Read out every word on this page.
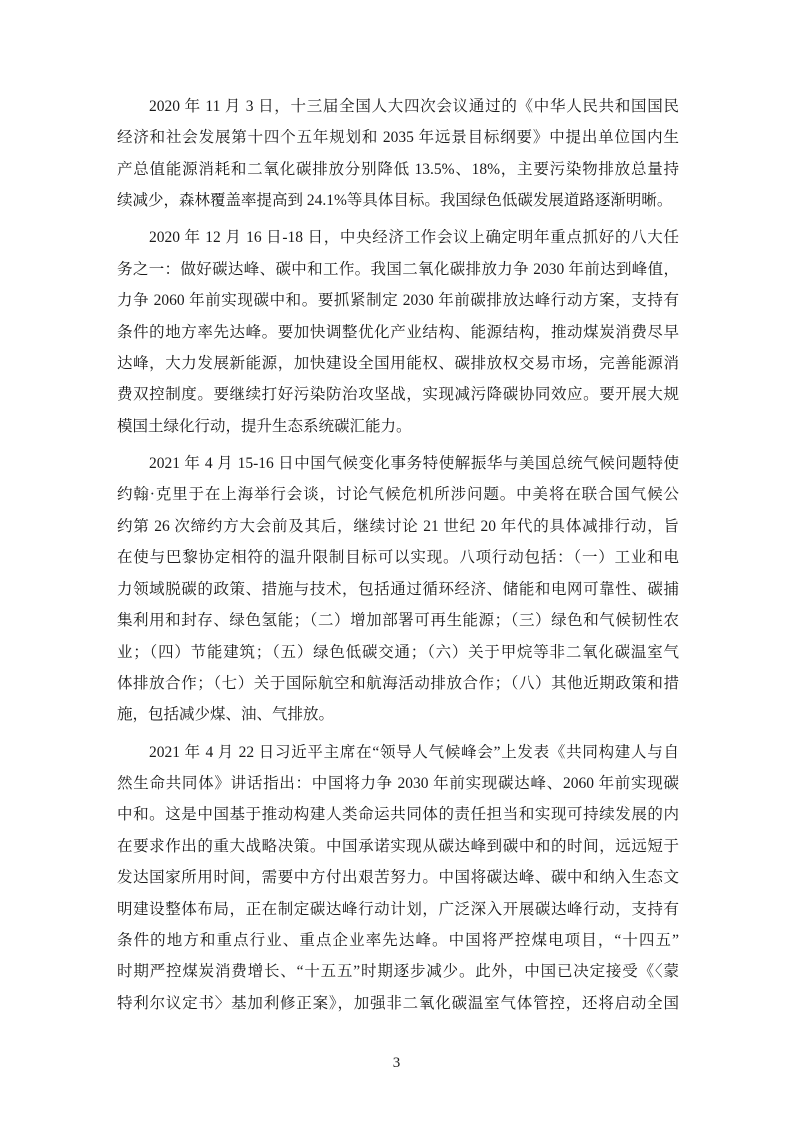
2020 年 11 月 3 日，十三届全国人大四次会议通过的《中华人民共和国国民
经济和社会发展第十四个五年规划和 2035 年远景目标纲要》中提出单位国内生
产总值能源消耗和二氧化碳排放分别降低 13.5%、18%，主要污染物排放总量持
续减少，森林覆盖率提高到 24.1%等具体目标。我国绿色低碳发展道路逐渐明晰。
2020 年 12 月 16 日-18 日，中央经济工作会议上确定明年重点抓好的八大任
务之一：做好碳达峰、碳中和工作。我国二氧化碳排放力争 2030 年前达到峰值，
力争 2060 年前实现碳中和。要抓紧制定 2030 年前碳排放达峰行动方案，支持有
条件的地方率先达峰。要加快调整优化产业结构、能源结构，推动煤炭消费尽早
达峰，大力发展新能源，加快建设全国用能权、碳排放权交易市场，完善能源消
费双控制度。要继续打好污染防治攻坚战，实现减污降碳协同效应。要开展大规
模国土绿化行动，提升生态系统碳汇能力。
2021 年 4 月 15-16 日中国气候变化事务特使解振华与美国总统气候问题特使
约翰·克里于在上海举行会谈，讨论气候危机所涉问题。中美将在联合国气候公
约第 26 次缔约方大会前及其后，继续讨论 21 世纪 20 年代的具体减排行动，旨
在使与巴黎协定相符的温升限制目标可以实现。八项行动包括：（一）工业和电
力领域脱碳的政策、措施与技术，包括通过循环经济、储能和电网可靠性、碳捕
集利用和封存、绿色氢能；（二）增加部署可再生能源；（三）绿色和气候韧性农
业；（四）节能建筑；（五）绿色低碳交通；（六）关于甲烷等非二氧化碳温室气
体排放合作；（七）关于国际航空和航海活动排放合作；（八）其他近期政策和措
施，包括减少煤、油、气排放。
2021 年 4 月 22 日习近平主席在“领导人气候峰会”上发表《共同构建人与自
然生命共同体》讲话指出：中国将力争 2030 年前实现碳达峰、2060 年前实现碳
中和。这是中国基于推动构建人类命运共同体的责任担当和实现可持续发展的内
在要求作出的重大战略决策。中国承诺实现从碳达峰到碳中和的时间，远远短于
发达国家所用时间，需要中方付出艰苦努力。中国将碳达峰、碳中和纳入生态文
明建设整体布局，正在制定碳达峰行动计划，广泛深入开展碳达峰行动，支持有
条件的地方和重点行业、重点企业率先达峰。中国将严控煤电项目，“十四五”
时期严控煤炭消费增长、“十五五”时期逐步减少。此外，中国已决定接受《〈蒙
特利尔议定书〉基加利修正案》，加强非二氧化碳温室气体管控，还将启动全国
3
